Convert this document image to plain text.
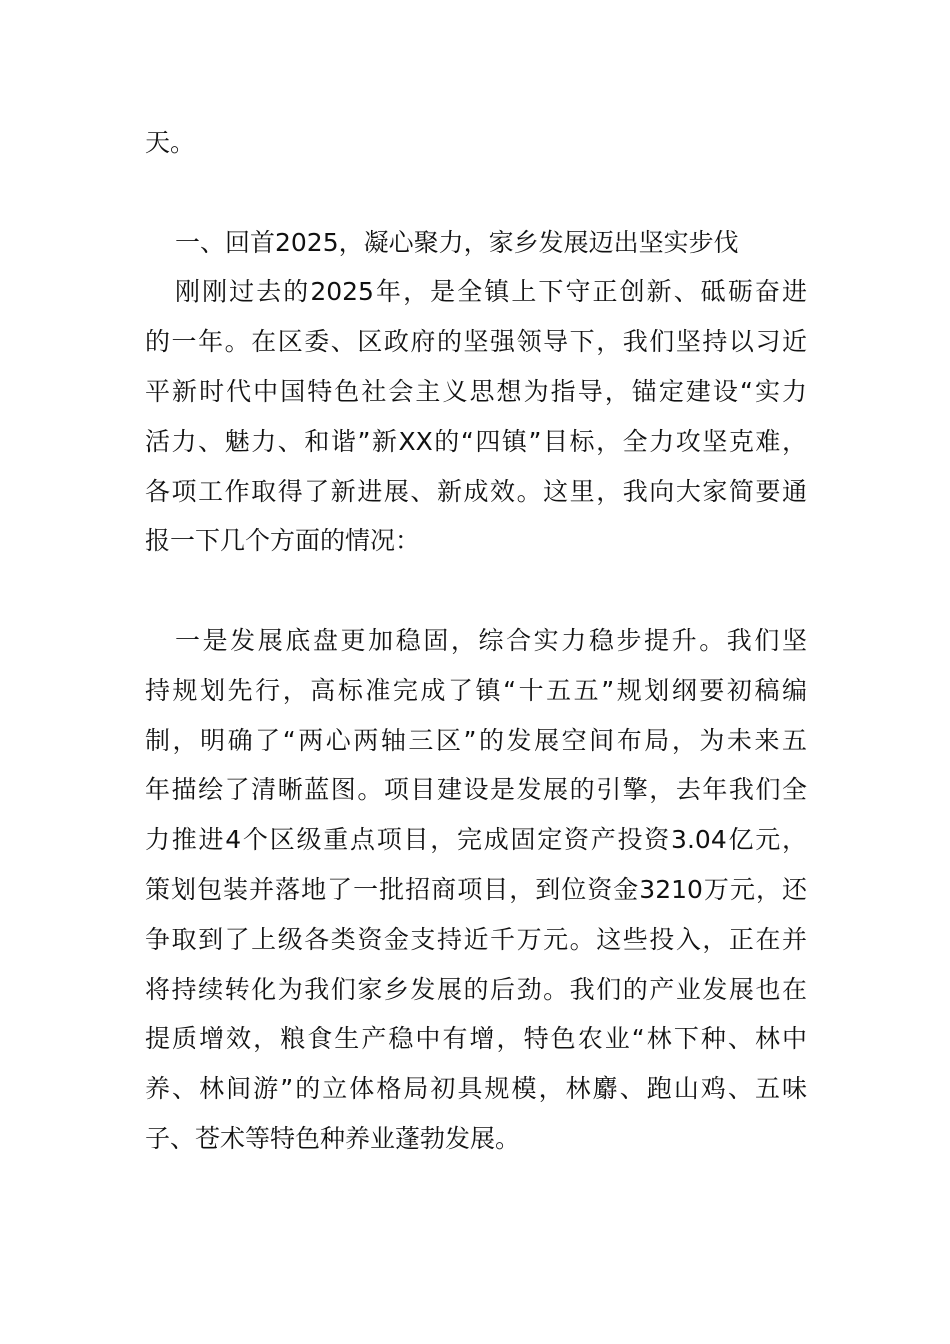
天。
一、回首2025，凝心聚力，家乡发展迈出坚实步伐
刚刚过去的2025年，是全镇上下守正创新、砥砺奋进
的一年。在区委、区政府的坚强领导下，我们坚持以习近
平新时代中国特色社会主义思想为指导，锚定建设“实力
活力、魅力、和谐”新XX的“四镇”目标，全力攻坚克难，
各项工作取得了新进展、新成效。这里，我向大家简要通
报一下几个方面的情况：
一是发展底盘更加稳固，综合实力稳步提升。我们坚
持规划先行，高标准完成了镇“十五五”规划纲要初稿编
制，明确了“两心两轴三区”的发展空间布局，为未来五
年描绘了清晰蓝图。项目建设是发展的引擎，去年我们全
力推进4个区级重点项目，完成固定资产投资3.04亿元，
策划包装并落地了一批招商项目，到位资金3210万元，还
争取到了上级各类资金支持近千万元。这些投入，正在并
将持续转化为我们家乡发展的后劲。我们的产业发展也在
提质增效，粮食生产稳中有增，特色农业“林下种、林中
养、林间游”的立体格局初具规模，林麝、跑山鸡、五味
子、苍术等特色种养业蓬勃发展。
